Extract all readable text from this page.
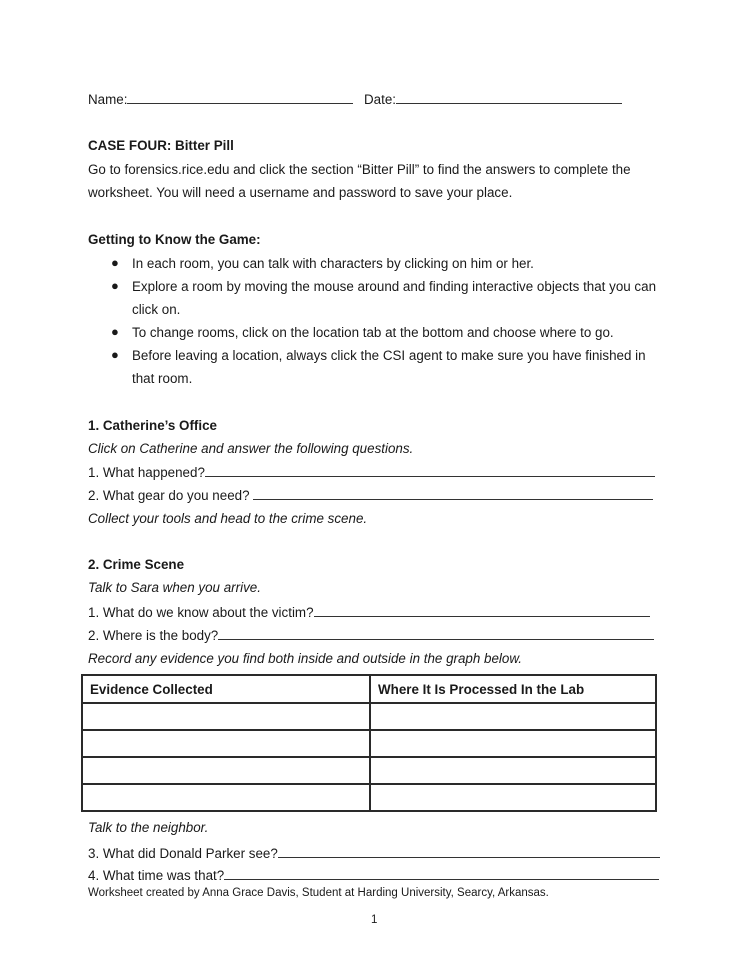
Name:	Date:
CASE FOUR: Bitter Pill
Go to forensics.rice.edu and click the section “Bitter Pill” to find the answers to complete the
worksheet. You will need a username and password to save your place.
Getting to Know the Game:
● In each room, you can talk with characters by clicking on him or her.
● Explore a room by moving the mouse around and finding interactive objects that you can
click on.
● To change rooms, click on the location tab at the bottom and choose where to go.
● Before leaving a location, always click the CSI agent to make sure you have finished in
that room.
1. Catherine’s Office
Click on Catherine and answer the following questions.
1. What happened?
2. What gear do you need?
Collect your tools and head to the crime scene.
2. Crime Scene
Talk to Sara when you arrive.
1. What do we know about the victim?
2. Where is the body?
Record any evidence you find both inside and outside in the graph below.
Evidence Collected	Where It Is Processed In the Lab

Talk to the neighbor.
3. What did Donald Parker see?
4. What time was that?
Worksheet created by Anna Grace Davis, Student at Harding University, Searcy, Arkansas.
1
